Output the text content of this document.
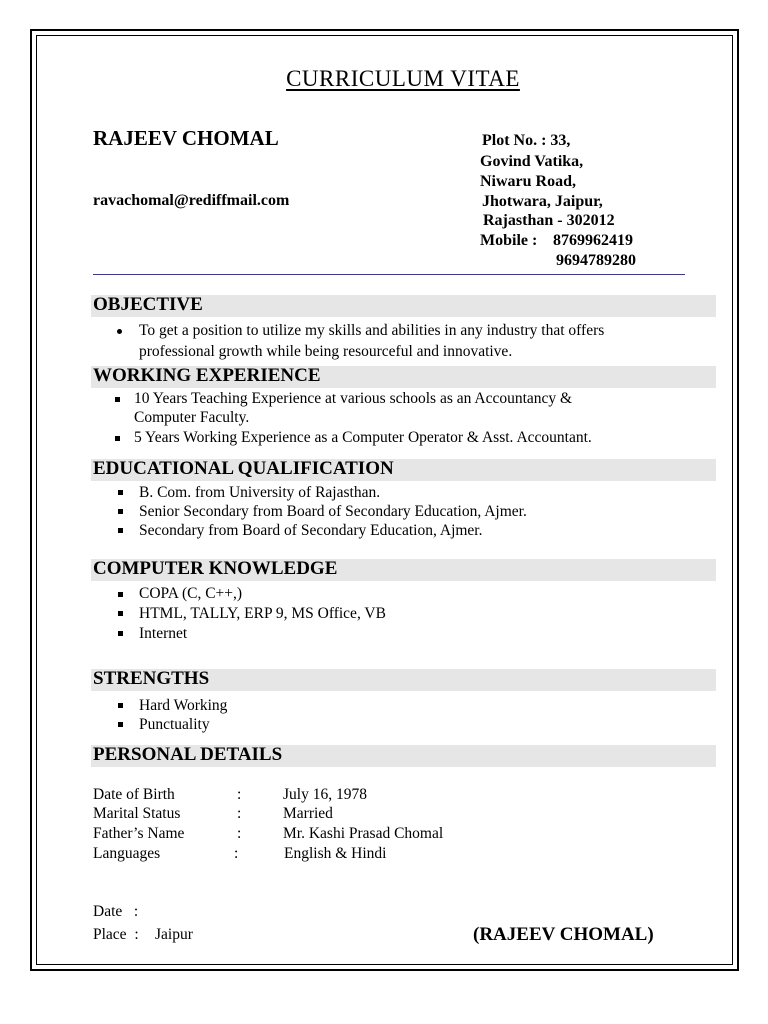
CURRICULUM VITAE
RAJEEV CHOMAL
ravachomal@rediffmail.com
Plot No. : 33,
Govind Vatika,
Niwaru Road,
Jhotwara, Jaipur,
Rajasthan - 302012
Mobile : 8769962419
9694789280
OBJECTIVE
To get a position to utilize my skills and abilities in any industry that offers
professional growth while being resourceful and innovative.
WORKING EXPERIENCE
10 Years Teaching Experience at various schools as an Accountancy &
Computer Faculty.
5 Years Working Experience as a Computer Operator & Asst. Accountant.
EDUCATIONAL QUALIFICATION
B. Com. from University of Rajasthan.
Senior Secondary from Board of Secondary Education, Ajmer.
Secondary from Board of Secondary Education, Ajmer.
COMPUTER KNOWLEDGE
COPA (C, C++,)
HTML, TALLY, ERP 9, MS Office, VB
Internet
STRENGTHS
Hard Working
Punctuality
PERSONAL DETAILS
Date of Birth	:	July 16, 1978
Marital Status	:	Married
Father’s Name	:	Mr. Kashi Prasad Chomal
Languages	:	English & Hindi
Date   :
Place  : Jaipur	(RAJEEV CHOMAL)
